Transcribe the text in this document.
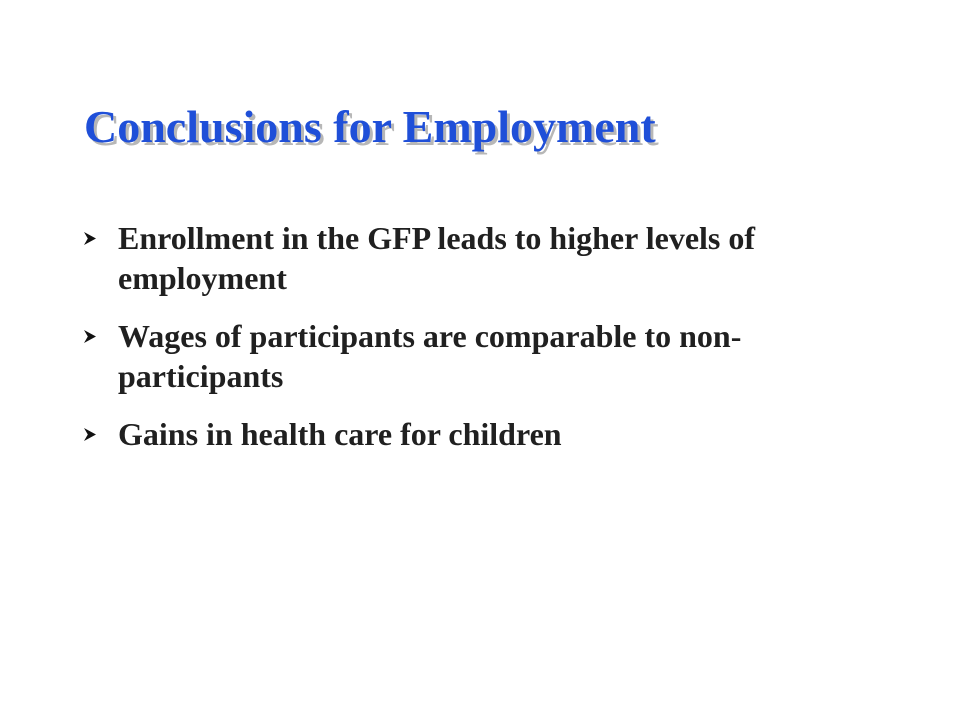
Conclusions for Employment
Enrollment in the GFP leads to higher levels of employment
Wages of participants are comparable to non-participants
Gains in health care for children
